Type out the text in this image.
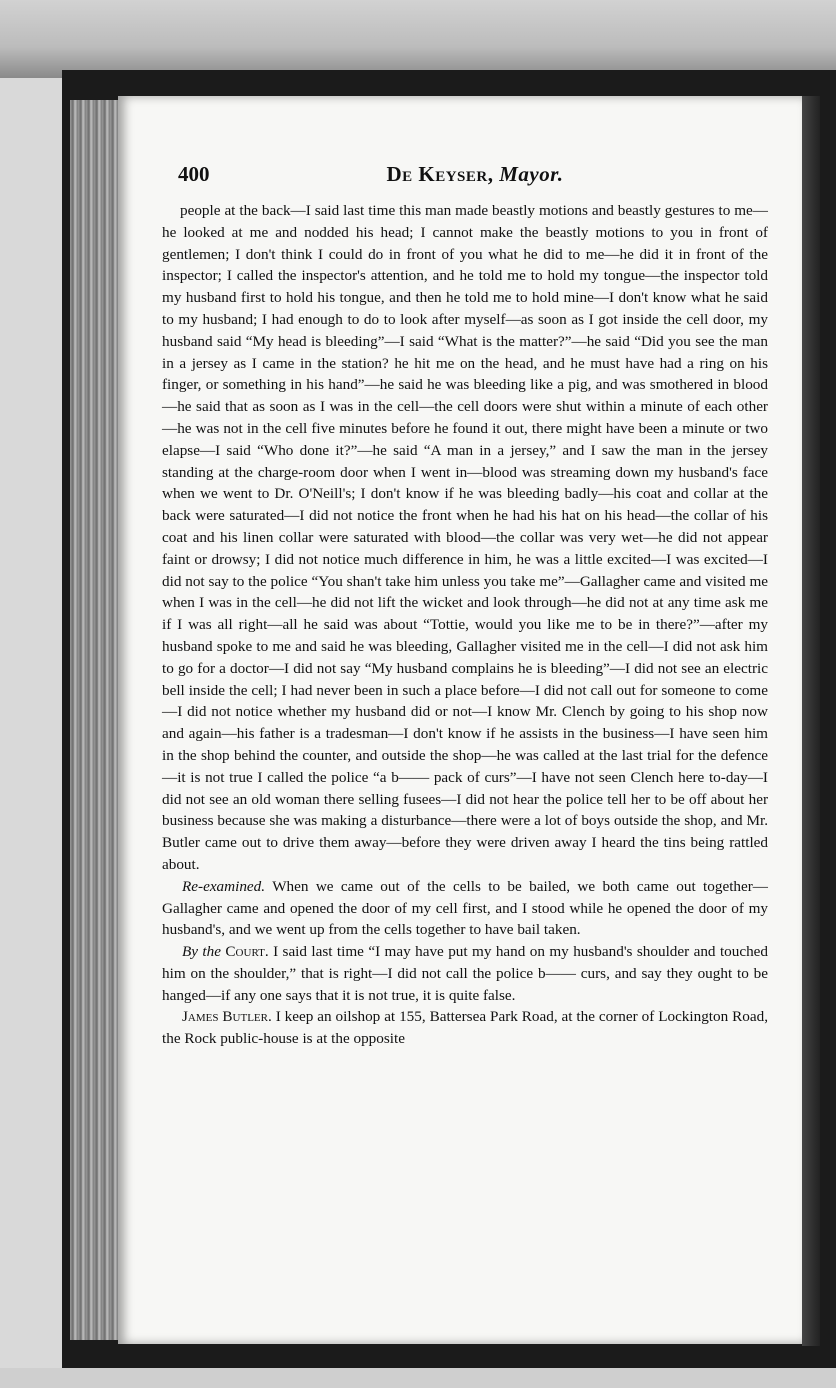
400	De Keyser, Mayor.

people at the back—I said last time this man made beastly motions and beastly gestures to me—he looked at me and nodded his head; I cannot make the beastly motions to you in front of gentlemen; I don't think I could do in front of you what he did to me—he did it in front of the inspector; I called the inspector's attention, and he told me to hold my tongue—the inspector told my husband first to hold his tongue, and then he told me to hold mine—I don't know what he said to my husband; I had enough to do to look after myself—as soon as I got inside the cell door, my husband said “My head is bleeding”—I said “What is the matter?”—he said “Did you see the man in a jersey as I came in the station? he hit me on the head, and he must have had a ring on his finger, or something in his hand”—he said he was bleeding like a pig, and was smothered in blood—he said that as soon as I was in the cell—the cell doors were shut within a minute of each other—he was not in the cell five minutes before he found it out, there might have been a minute or two elapse—I said “Who done it?”—he said “A man in a jersey,” and I saw the man in the jersey standing at the charge-room door when I went in—blood was streaming down my husband's face when we went to Dr. O'Neill's; I don't know if he was bleeding badly—his coat and collar at the back were saturated—I did not notice the front when he had his hat on his head—the collar of his coat and his linen collar were saturated with blood—the collar was very wet—he did not appear faint or drowsy; I did not notice much difference in him, he was a little excited—I was excited—I did not say to the police “You shan't take him unless you take me”—Gallagher came and visited me when I was in the cell—he did not lift the wicket and look through—he did not at any time ask me if I was all right—all he said was about “Tottie, would you like me to be in there?”—after my husband spoke to me and said he was bleeding, Gallagher visited me in the cell—I did not ask him to go for a doctor—I did not say “My husband complains he is bleeding”—I did not see an electric bell inside the cell; I had never been in such a place before—I did not call out for someone to come—I did not notice whether my husband did or not—I know Mr. Clench by going to his shop now and again—his father is a tradesman—I don't know if he assists in the business—I have seen him in the shop behind the counter, and outside the shop—he was called at the last trial for the defence—it is not true I called the police “a b—— pack of curs”—I have not seen Clench here to-day—I did not see an old woman there selling fusees—I did not hear the police tell her to be off about her business because she was making a disturbance—there were a lot of boys outside the shop, and Mr. Butler came out to drive them away—before they were driven away I heard the tins being rattled about.

Re-examined. When we came out of the cells to be bailed, we both came out together—Gallagher came and opened the door of my cell first, and I stood while he opened the door of my husband's, and we went up from the cells together to have bail taken.

By the Court. I said last time “I may have put my hand on my husband's shoulder and touched him on the shoulder,” that is right—I did not call the police b—— curs, and say they ought to be hanged—if any one says that it is not true, it is quite false.

James Butler. I keep an oilshop at 155, Battersea Park Road, at the corner of Lockington Road, the Rock public-house is at the opposite
